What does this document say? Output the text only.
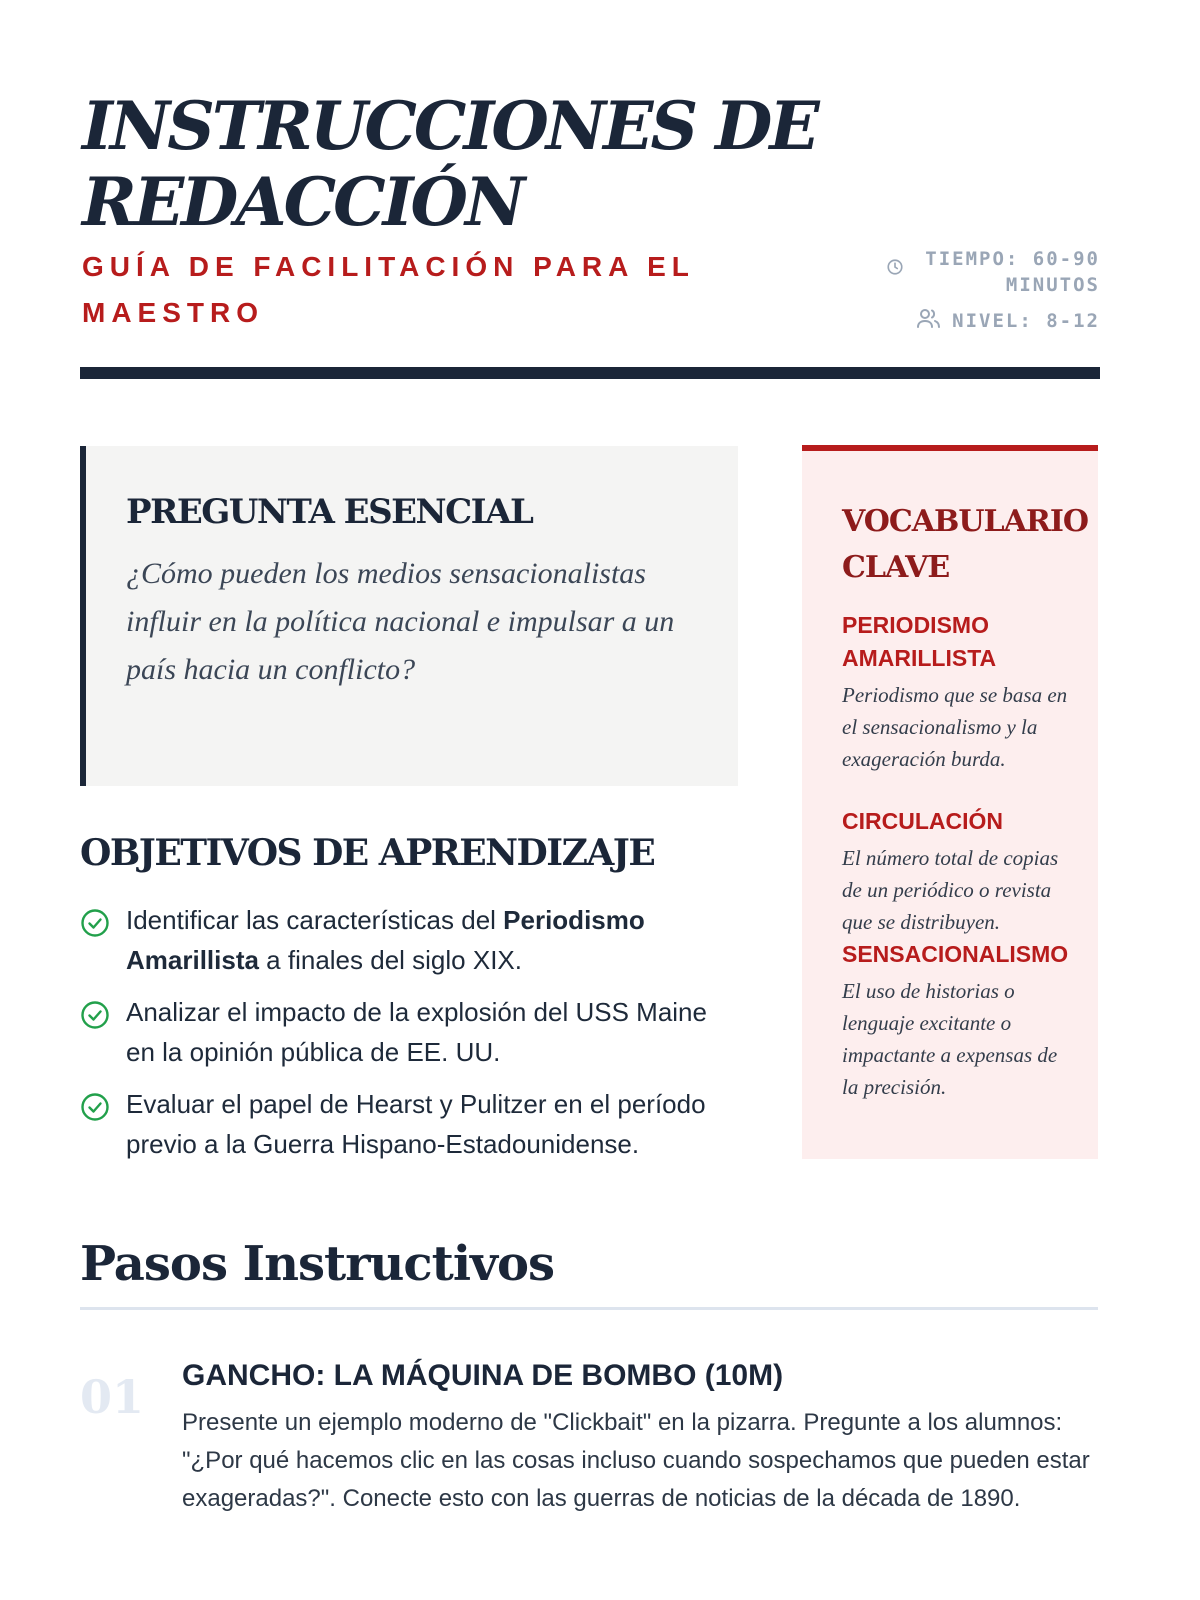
INSTRUCCIONES DE REDACCIÓN
GUÍA DE FACILITACIÓN PARA EL MAESTRO
TIEMPO: 60-90 MINUTOS
NIVEL: 8-12
PREGUNTA ESENCIAL

¿Cómo pueden los medios sensacionalistas influir en la política nacional e impulsar a un país hacia un conflicto?

OBJETIVOS DE APRENDIZAJE
Identificar las características del Periodismo Amarillista a finales del siglo XIX.
Analizar el impacto de la explosión del USS Maine en la opinión pública de EE. UU.
Evaluar el papel de Hearst y Pulitzer en el período previo a la Guerra Hispano-Estadounidense.
VOCABULARIO CLAVE
PERIODISMO AMARILLISTA

Periodismo que se basa en el sensacionalismo y la exageración burda.

CIRCULACIÓN

El número total de copias de un periódico o revista que se distribuyen.

SENSACIONALISMO

El uso de historias o lenguaje excitante o impactante a expensas de la precisión.

Pasos Instructivos
01 GANCHO: LA MÁQUINA DE BOMBO (10M)

Presente un ejemplo moderno de "Clickbait" en la pizarra. Pregunte a los alumnos: "¿Por qué hacemos clic en las cosas incluso cuando sospechamos que pueden estar exageradas?". Conecte esto con las guerras de noticias de la década de 1890.
